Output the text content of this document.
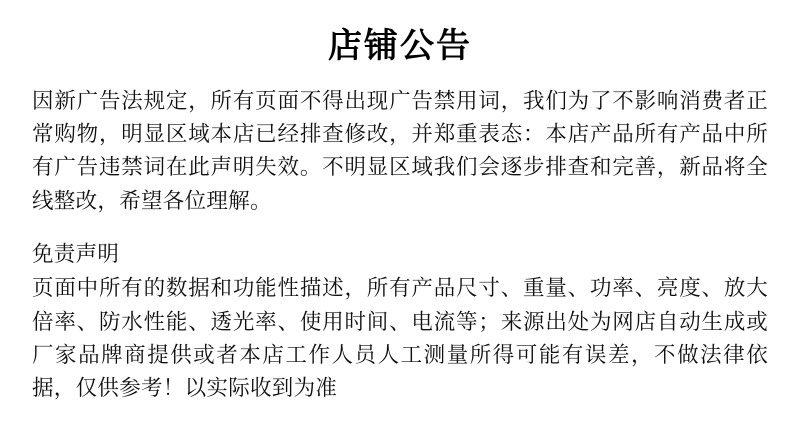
店铺公告

因新广告法规定，所有页面不得出现广告禁用词，我们为了不影响消费者正常购物，明显区域本店已经排查修改，并郑重表态：本店产品所有产品中所有广告违禁词在此声明失效。不明显区域我们会逐步排查和完善，新品将全线整改，希望各位理解。

免责声明

页面中所有的数据和功能性描述，所有产品尺寸、重量、功率、亮度、放大倍率、防水性能、透光率、使用时间、电流等；来源出处为网店自动生成或厂家品牌商提供或者本店工作人员人工测量所得可能有误差，不做法律依据，仅供参考！以实际收到为准
